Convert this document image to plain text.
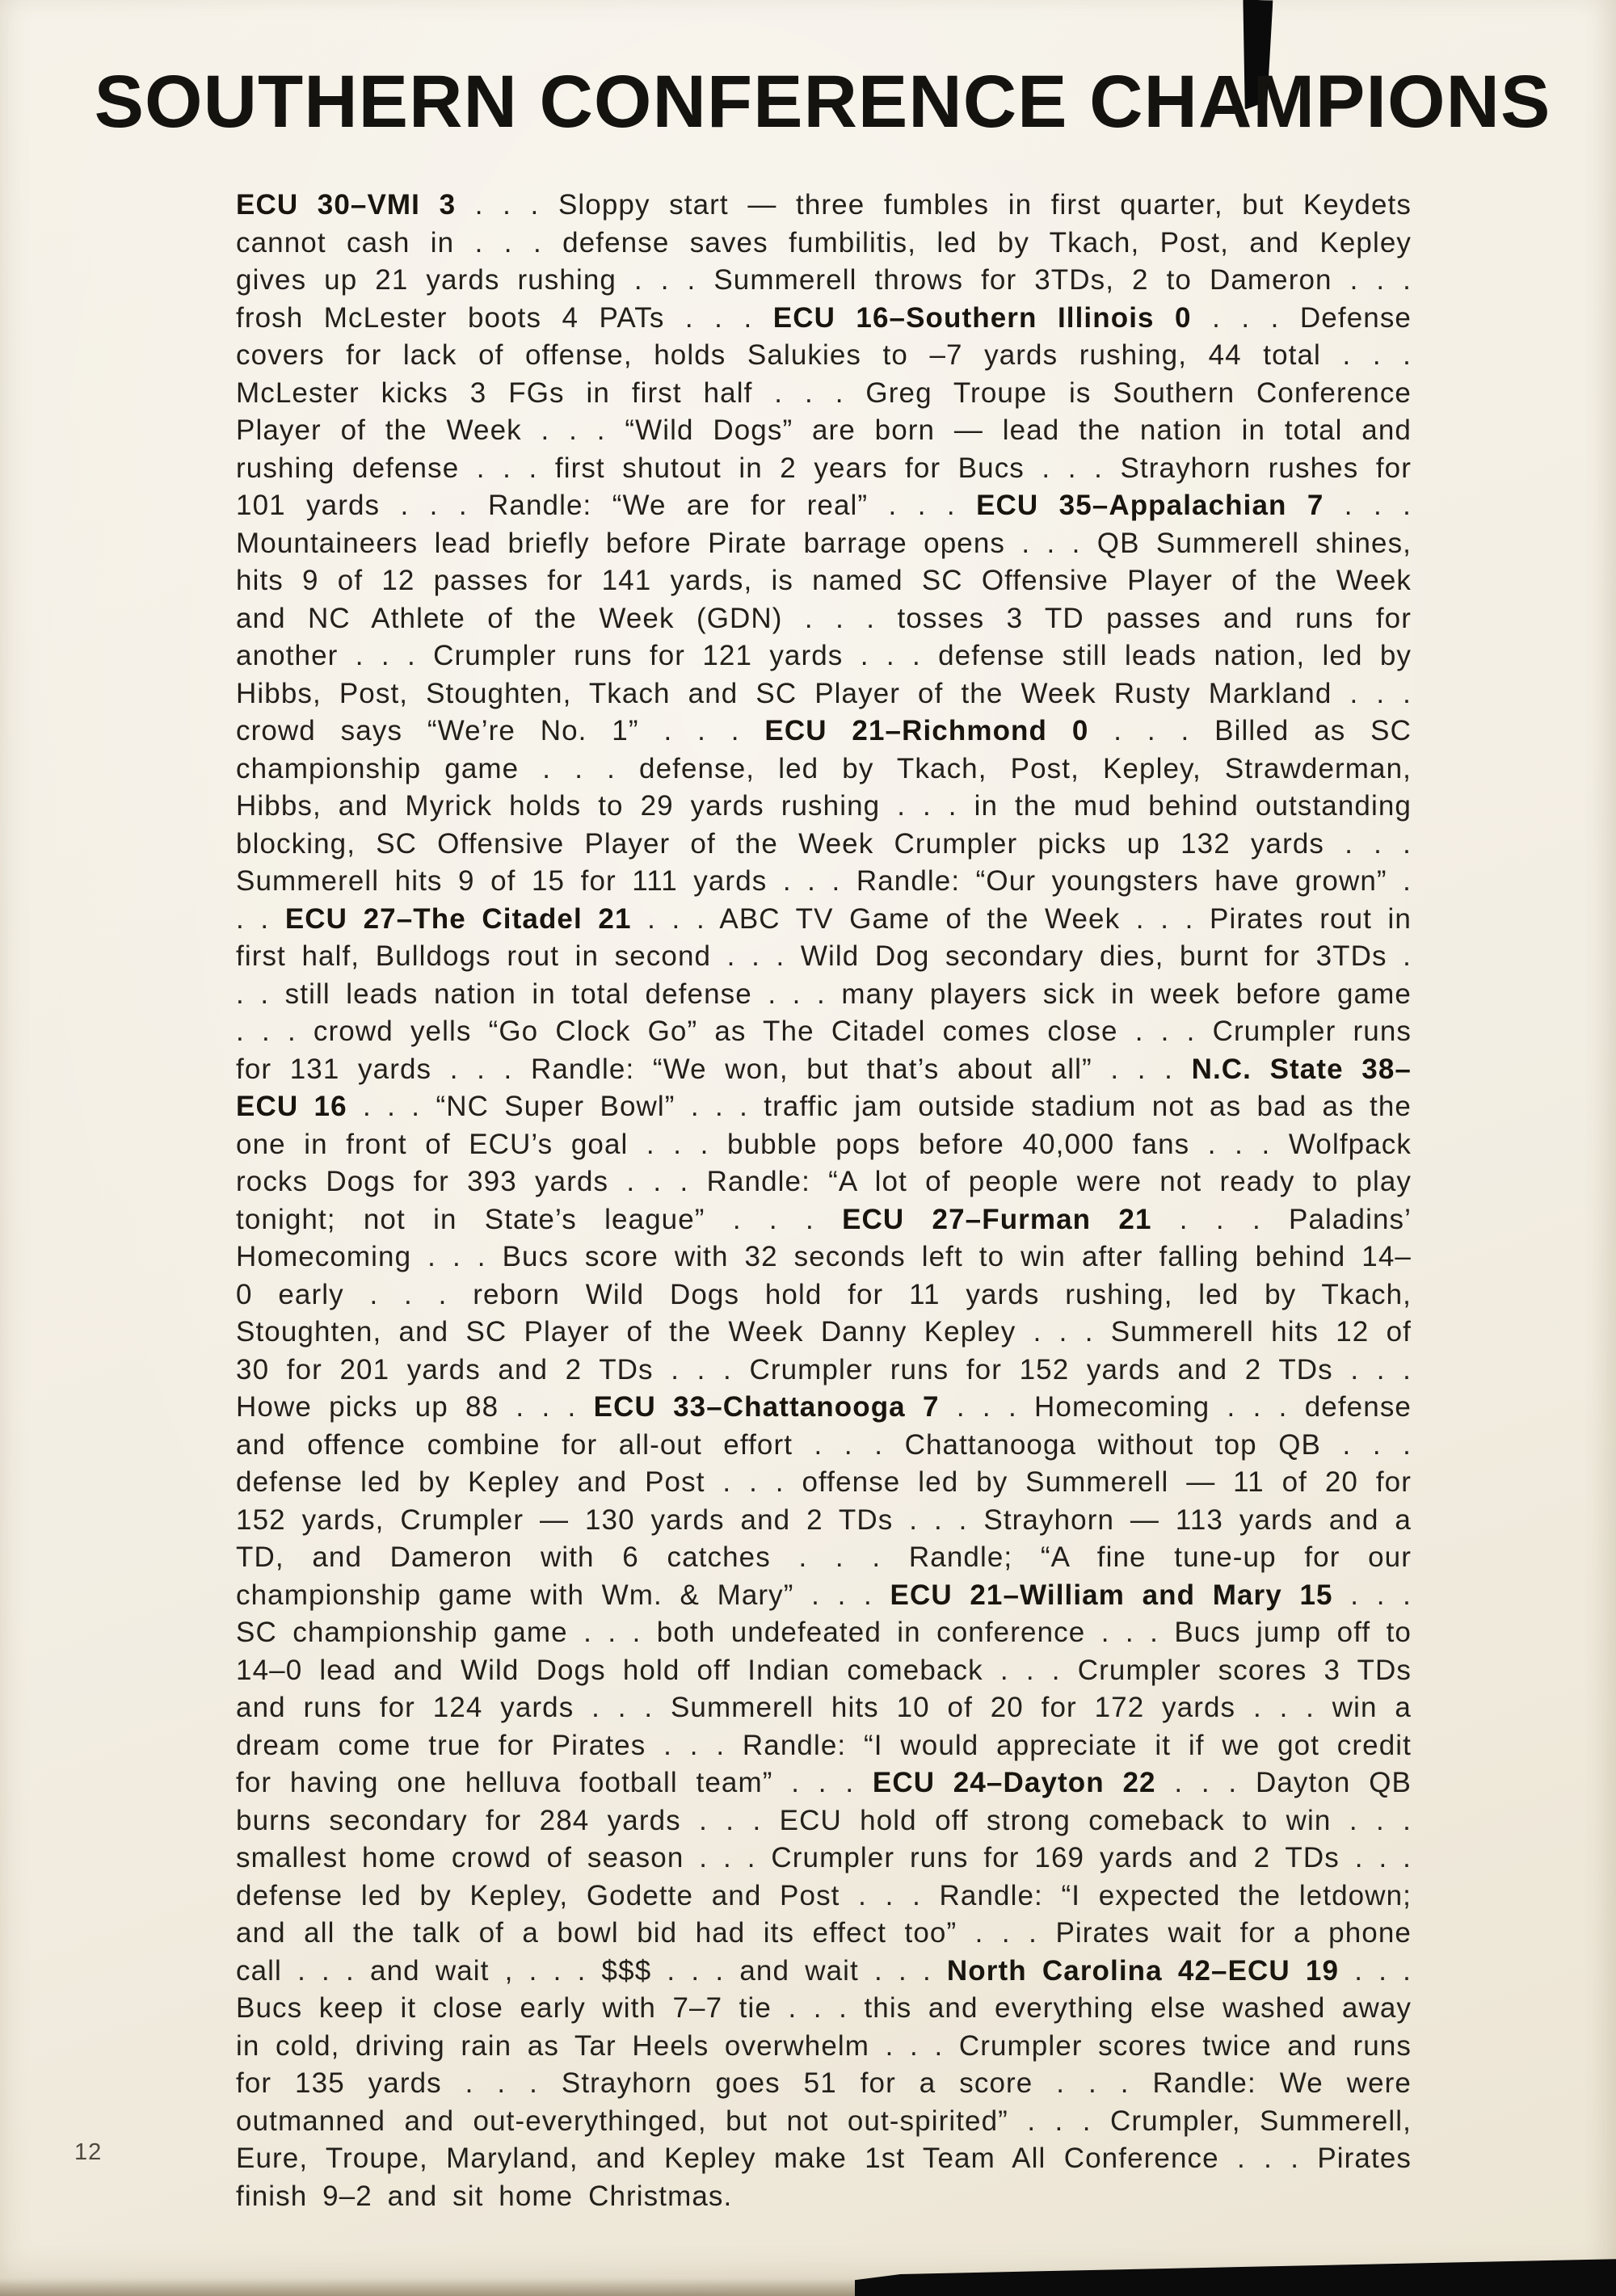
SOUTHERN CONFERENCE CHAMPIONS

ECU 30–VMI 3 . . . Sloppy start — three fumbles in first quarter, but Keydets cannot cash in . . . defense saves fumbilitis, led by Tkach, Post, and Kepley gives up 21 yards rushing . . . Summerell throws for 3TDs, 2 to Dameron . . . frosh McLester boots 4 PATs . . . ECU 16–Southern Illinois 0 . . . Defense covers for lack of offense, holds Salukies to –7 yards rushing, 44 total . . . McLester kicks 3 FGs in first half . . . Greg Troupe is Southern Conference Player of the Week . . . “Wild Dogs” are born — lead the nation in total and rushing defense . . . first shutout in 2 years for Bucs . . . Strayhorn rushes for 101 yards . . . Randle: “We are for real” . . . ECU 35–Appalachian 7 . . . Mountaineers lead briefly before Pirate barrage opens . . . QB Summerell shines, hits 9 of 12 passes for 141 yards, is named SC Offensive Player of the Week and NC Athlete of the Week (GDN) . . . tosses 3 TD passes and runs for another . . . Crumpler runs for 121 yards . . . defense still leads nation, led by Hibbs, Post, Stoughten, Tkach and SC Player of the Week Rusty Markland . . . crowd says “We’re No. 1” . . . ECU 21–Richmond 0 . . . Billed as SC championship game . . . defense, led by Tkach, Post, Kepley, Strawderman, Hibbs, and Myrick holds to 29 yards rushing . . . in the mud behind outstanding blocking, SC Offensive Player of the Week Crumpler picks up 132 yards . . . Summerell hits 9 of 15 for 111 yards . . . Randle: “Our youngsters have grown” . . . ECU 27–The Citadel 21 . . . ABC TV Game of the Week . . . Pirates rout in first half, Bulldogs rout in second . . . Wild Dog secondary dies, burnt for 3TDs . . . still leads nation in total defense . . . many players sick in week before game . . . crowd yells “Go Clock Go” as The Citadel comes close . . . Crumpler runs for 131 yards . . . Randle: “We won, but that’s about all” . . . N.C. State 38–ECU 16 . . . “NC Super Bowl” . . . traffic jam outside stadium not as bad as the one in front of ECU’s goal . . . bubble pops before 40,000 fans . . . Wolfpack rocks Dogs for 393 yards . . . Randle: “A lot of people were not ready to play tonight; not in State’s league” . . . ECU 27–Furman 21 . . . Paladins’ Homecoming . . . Bucs score with 32 seconds left to win after falling behind 14–0 early . . . reborn Wild Dogs hold for 11 yards rushing, led by Tkach, Stoughten, and SC Player of the Week Danny Kepley . . . Summerell hits 12 of 30 for 201 yards and 2 TDs . . . Crumpler runs for 152 yards and 2 TDs . . . Howe picks up 88 . . . ECU 33–Chattanooga 7 . . . Homecoming . . . defense and offence combine for all-out effort . . . Chattanooga without top QB . . . defense led by Kepley and Post . . . offense led by Summerell — 11 of 20 for 152 yards, Crumpler — 130 yards and 2 TDs . . . Strayhorn — 113 yards and a TD, and Dameron with 6 catches . . . Randle; “A fine tune-up for our championship game with Wm. & Mary” . . . ECU 21–William and Mary 15 . . . SC championship game . . . both undefeated in conference . . . Bucs jump off to 14–0 lead and Wild Dogs hold off Indian comeback . . . Crumpler scores 3 TDs and runs for 124 yards . . . Summerell hits 10 of 20 for 172 yards . . . win a dream come true for Pirates . . . Randle: “I would appreciate it if we got credit for having one helluva football team” . . . ECU 24–Dayton 22 . . . Dayton QB burns secondary for 284 yards . . . ECU hold off strong comeback to win . . . smallest home crowd of season . . . Crumpler runs for 169 yards and 2 TDs . . . defense led by Kepley, Godette and Post . . . Randle: “I expected the letdown; and all the talk of a bowl bid had its effect too” . . . Pirates wait for a phone call . . . and wait , . . . $$$ . . . and wait . . . North Carolina 42–ECU 19 . . . Bucs keep it close early with 7–7 tie . . . this and everything else washed away in cold, driving rain as Tar Heels overwhelm . . . Crumpler scores twice and runs for 135 yards . . . Strayhorn goes 51 for a score . . . Randle: We were outmanned and out-everythinged, but not out-spirited” . . . Crumpler, Summerell, Eure, Troupe, Maryland, and Kepley make 1st Team All Conference . . . Pirates finish 9–2 and sit home Christmas.

12
